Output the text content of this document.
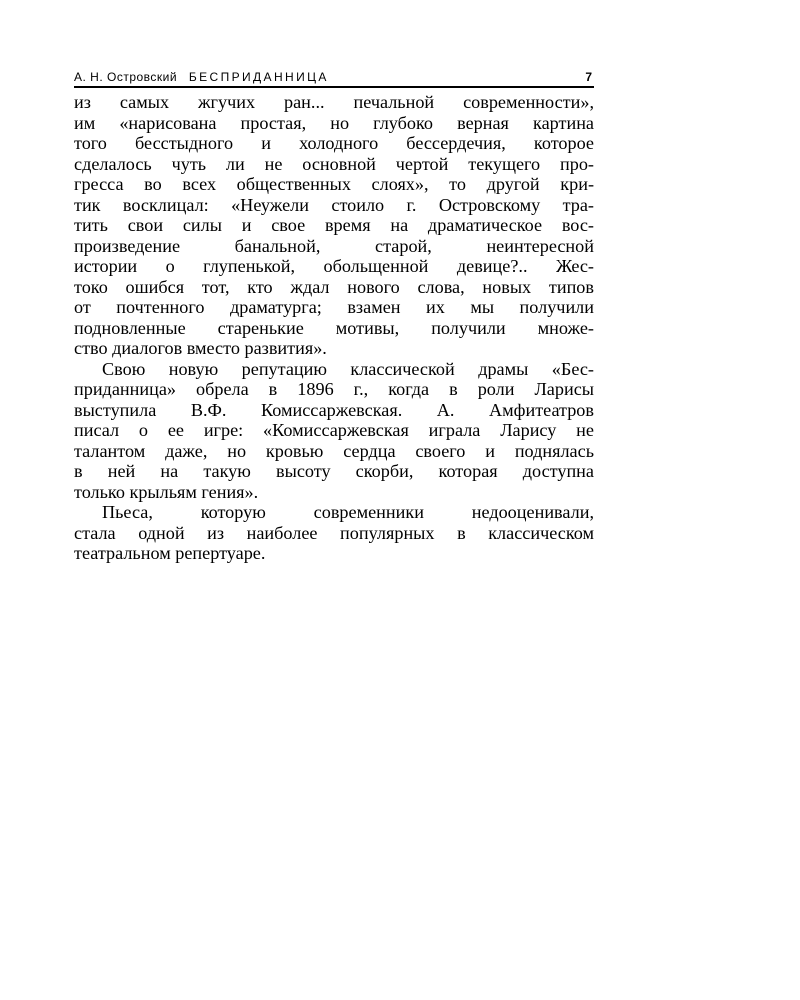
А. Н. Островский БЕСПРИДАННИЦА	7

из самых жгучих ран... печальной современности»,
им «нарисована простая, но глубоко верная картина
того бесстыдного и холодного бессердечия, которое
сделалось чуть ли не основной чертой текущего про-
гресса во всех общественных слоях», то другой кри-
тик восклицал: «Неужели стоило г. Островскому тра-
тить свои силы и свое время на драматическое вос-
произведение банальной, старой, неинтересной
истории о глупенькой, обольщенной девице?.. Жес-
токо ошибся тот, кто ждал нового слова, новых типов
от почтенного драматурга; взамен их мы получили
подновленные старенькие мотивы, получили множе-
ство диалогов вместо развития».

Свою новую репутацию классической драмы «Бес-
приданница» обрела в 1896 г., когда в роли Ларисы
выступила В.Ф. Комиссаржевская. А. Амфитеатров
писал о ее игре: «Комиссаржевская играла Ларису не
талантом даже, но кровью сердца своего и поднялась
в ней на такую высоту скорби, которая доступна
только крыльям гения».

Пьеса, которую современники недооценивали,
стала одной из наиболее популярных в классическом
театральном репертуаре.
